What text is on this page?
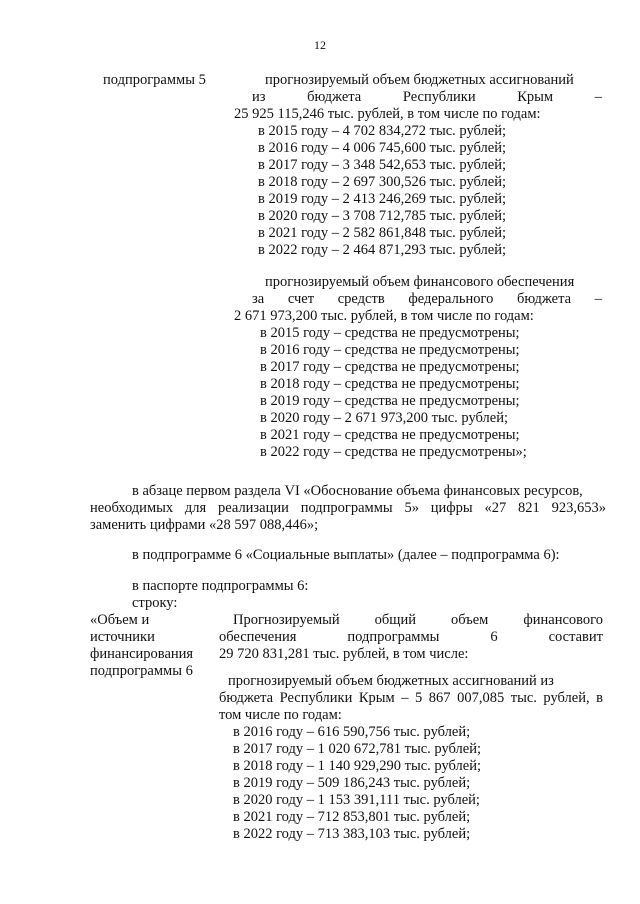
12
подпрограммы 5	прогнозируемый объем бюджетных ассигнований
из бюджета Республики Крым –
25 925 115,246 тыс. рублей, в том числе по годам:
в 2015 году – 4 702 834,272 тыс. рублей;
в 2016 году – 4 006 745,600 тыс. рублей;
в 2017 году – 3 348 542,653 тыс. рублей;
в 2018 году – 2 697 300,526 тыс. рублей;
в 2019 году – 2 413 246,269 тыс. рублей;
в 2020 году – 3 708 712,785 тыс. рублей;
в 2021 году – 2 582 861,848 тыс. рублей;
в 2022 году – 2 464 871,293 тыс. рублей;
прогнозируемый объем финансового обеспечения
за счет средств федерального бюджета –
2 671 973,200 тыс. рублей, в том числе по годам:
в 2015 году – средства не предусмотрены;
в 2016 году – средства не предусмотрены;
в 2017 году – средства не предусмотрены;
в 2018 году – средства не предусмотрены;
в 2019 году – средства не предусмотрены;
в 2020 году – 2 671 973,200 тыс. рублей;
в 2021 году – средства не предусмотрены;
в 2022 году – средства не предусмотрены»;
в абзаце первом раздела VI «Обоснование объема финансовых ресурсов,
необходимых для реализации подпрограммы 5» цифры «27 821 923,653»
заменить цифрами «28 597 088,446»;
в подпрограмме 6 «Социальные выплаты» (далее – подпрограмма 6):
в паспорте подпрограммы 6:
строку:
«Объем и
источники
финансирования
подпрограммы 6
Прогнозируемый общий объем финансового
обеспечения подпрограммы 6 составит
29 720 831,281 тыс. рублей, в том числе:
прогнозируемый объем бюджетных ассигнований из
бюджета Республики Крым – 5 867 007,085 тыс. рублей, в
том числе по годам:
в 2016 году – 616 590,756 тыс. рублей;
в 2017 году – 1 020 672,781 тыс. рублей;
в 2018 году – 1 140 929,290 тыс. рублей;
в 2019 году – 509 186,243 тыс. рублей;
в 2020 году – 1 153 391,111 тыс. рублей;
в 2021 году – 712 853,801 тыс. рублей;
в 2022 году – 713 383,103 тыс. рублей;
